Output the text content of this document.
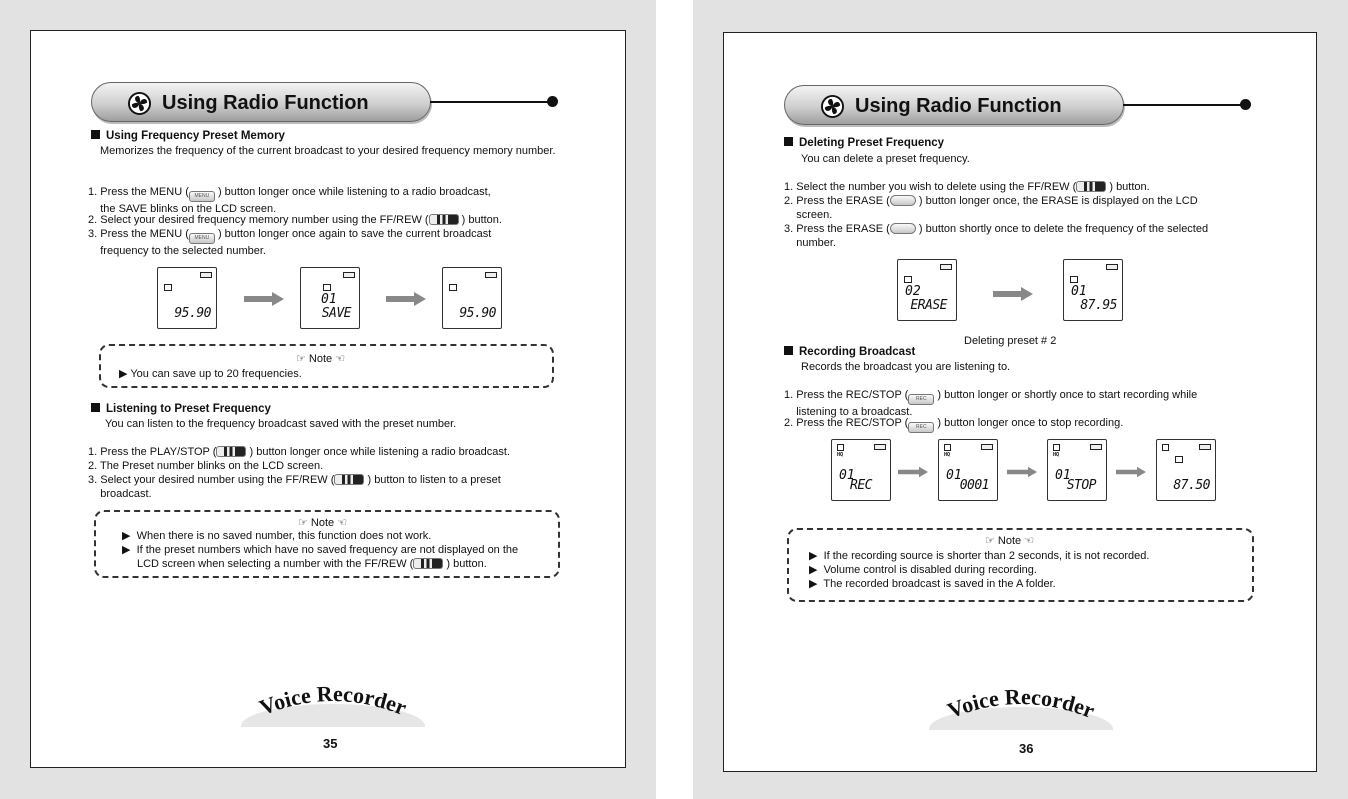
Using Radio Function
Using Frequency Preset Memory
Memorizes the frequency of the current broadcast to your desired frequency memory number.
1. Press the MENU ( MENU ) button longer once while listening to a radio broadcast,
the SAVE blinks on the LCD screen.
2. Select your desired frequency memory number using the FF/REW (	) button.
3. Press the MENU ( MENU ) button longer once again to save the current broadcast
frequency to the selected number.
95.90
01
SAVE	95.90
☞ Note ☜
▶ You can save up to 20 frequencies.
Listening to Preset Frequency
You can listen to the frequency broadcast saved with the preset number.
1. Press the PLAY/STOP (	) button longer once while listening a radio broadcast.
2. The Preset number blinks on the LCD screen.
3. Select your desired number using the FF/REW (	) button to listen to a preset
broadcast.
☞ Note ☜
▶  When there is no saved number, this function does not work.
▶  If the preset numbers which have no saved frequency are not displayed on the
LCD screen when selecting a number with the FF/REW (	) button.
Voice Recorder
35
Using Radio Function
Deleting Preset Frequency
You can delete a preset frequency.
1. Select the number you wish to delete using the FF/REW (	) button.
2. Press the ERASE (	) button longer once, the ERASE is displayed on the LCD
screen.
3. Press the ERASE (	) button shortly once to delete the frequency of the selected
number.
02
ERASE
01
87.95
Deleting preset # 2
Recording Broadcast
Records the broadcast you are listening to.
1. Press the REC/STOP ( REC ) button longer or shortly once to start recording while
listening to a broadcast.
2. Press the REC/STOP ( REC ) button longer once to stop recording.
HQ
01
REC
HQ
01
0001
HQ
01
STOP	87.50
☞ Note ☜
▶  If the recording source is shorter than 2 seconds, it is not recorded.
▶  Volume control is disabled during recording.
▶  The recorded broadcast is saved in the A folder.
Voice Recorder
36
